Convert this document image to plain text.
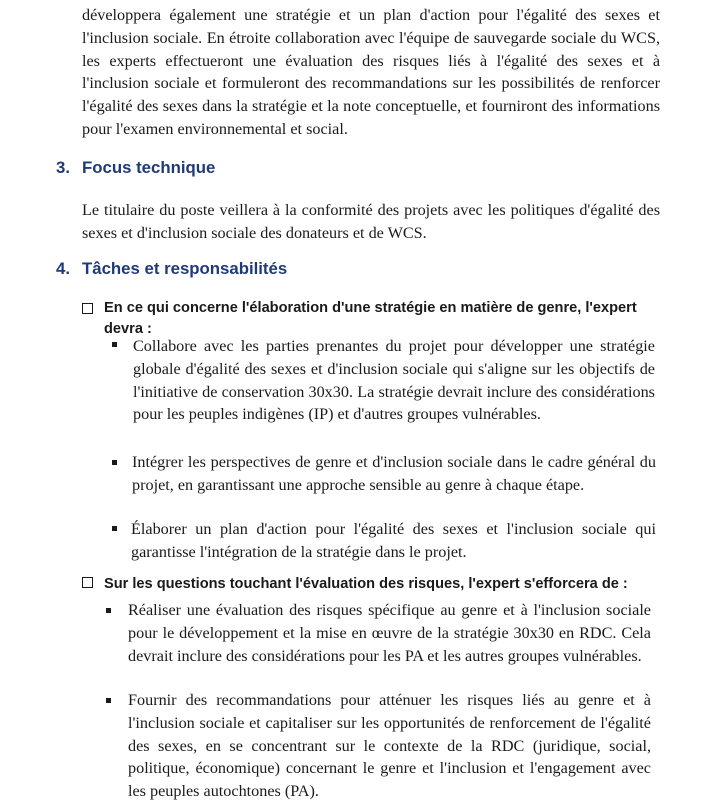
développera également une stratégie et un plan d'action pour l'égalité des sexes et l'inclusion sociale. En étroite collaboration avec l'équipe de sauvegarde sociale du WCS, les experts effectueront une évaluation des risques liés à l'égalité des sexes et à l'inclusion sociale et formuleront des recommandations sur les possibilités de renforcer l'égalité des sexes dans la stratégie et la note conceptuelle, et fourniront des informations pour l'examen environnemental et social.

3. Focus technique

Le titulaire du poste veillera à la conformité des projets avec les politiques d'égalité des sexes et d'inclusion sociale des donateurs et de WCS.

4. Tâches et responsabilités

En ce qui concerne l'élaboration d'une stratégie en matière de genre, l'expert devra :

Collabore avec les parties prenantes du projet pour développer une stratégie globale d'égalité des sexes et d'inclusion sociale qui s'aligne sur les objectifs de l'initiative de conservation 30x30. La stratégie devrait inclure des considérations pour les peuples indigènes (IP) et d'autres groupes vulnérables.

Intégrer les perspectives de genre et d'inclusion sociale dans le cadre général du projet, en garantissant une approche sensible au genre à chaque étape.

Élaborer un plan d'action pour l'égalité des sexes et l'inclusion sociale qui garantisse l'intégration de la stratégie dans le projet.

Sur les questions touchant l'évaluation des risques, l'expert s'efforcera de :

Réaliser une évaluation des risques spécifique au genre et à l'inclusion sociale pour le développement et la mise en œuvre de la stratégie 30x30 en RDC. Cela devrait inclure des considérations pour les PA et les autres groupes vulnérables.

Fournir des recommandations pour atténuer les risques liés au genre et à l'inclusion sociale et capitaliser sur les opportunités de renforcement de l'égalité des sexes, en se concentrant sur le contexte de la RDC (juridique, social, politique, économique) concernant le genre et l'inclusion et l'engagement avec les peuples autochtones (PA).
